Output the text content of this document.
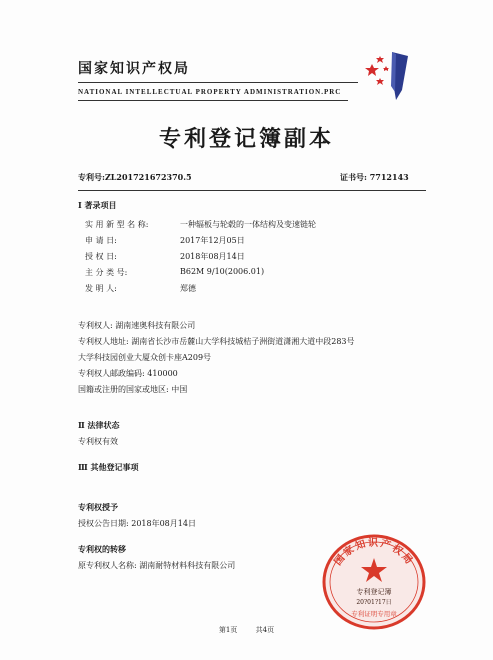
国家知识产权局
NATIONAL INTELLECTUAL PROPERTY ADMINISTRATION.PRC
专利登记簿副本
专利号:ZL201721672370.5	证书号: 7712143
Ⅰ 著录项目
实 用 新 型 名 称:	一种辐板与轮毂的一体结构及变速链轮
申 请 日:	2017年12月05日
授 权 日:	2018年08月14日
主 分 类 号:	B62M 9/10(2006.01)
发 明 人:	郑德
专利权人: 湖南速奥科技有限公司
专利权人地址: 湖南省长沙市岳麓山大学科技城桔子洲街道潇湘大道中段283号
大学科技园创业大厦众创卡座A209号
专利权人邮政编码: 410000
国籍或注册的国家或地区: 中国
Ⅱ 法律状态
专利权有效
Ⅲ 其他登记事项
专利权授予
授权公告日期: 2018年08月14日
专利权的转移
原专利权人名称: 湖南耐特材料科技有限公司	国家知识产权局
专利登记簿
20?01?17日
专利证明专用章
第1页	共4页
